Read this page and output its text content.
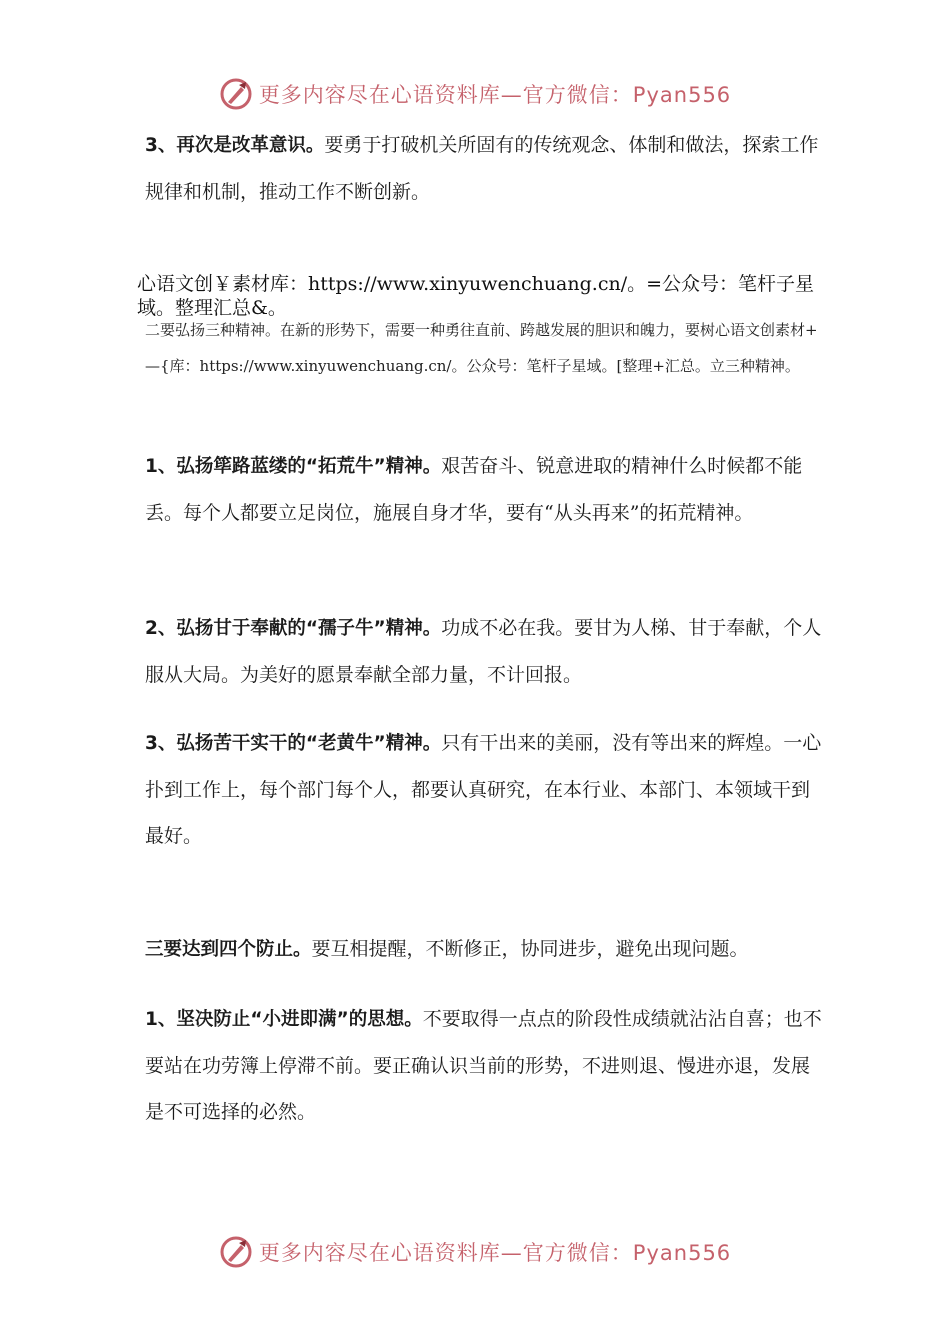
更多内容尽在心语资料库—官方微信：Pyan556

3、再次是改革意识。要勇于打破机关所固有的传统观念、体制和做法，探索工作规律和机制，推动工作不断创新。

心语文创￥素材库：https://www.xinyuwenchuang.cn/。=公众号：笔杆子星域。整理汇总&。

二要弘扬三种精神。在新的形势下，需要一种勇往直前、跨越发展的胆识和魄力，要树心语文创素材+—{库：https://www.xinyuwenchuang.cn/。公众号：笔杆子星域。[整理+汇总。立三种精神。

1、弘扬筚路蓝缕的“拓荒牛”精神。艰苦奋斗、锐意进取的精神什么时候都不能丢。每个人都要立足岗位，施展自身才华，要有“从头再来”的拓荒精神。

2、弘扬甘于奉献的“孺子牛”精神。功成不必在我。要甘为人梯、甘于奉献，个人服从大局。为美好的愿景奉献全部力量，不计回报。

3、弘扬苦干实干的“老黄牛”精神。只有干出来的美丽，没有等出来的辉煌。一心扑到工作上，每个部门每个人，都要认真研究，在本行业、本部门、本领域干到最好。

三要达到四个防止。要互相提醒，不断修正，协同进步，避免出现问题。

1、坚决防止“小进即满”的思想。不要取得一点点的阶段性成绩就沾沾自喜；也不要站在功劳簿上停滞不前。要正确认识当前的形势，不进则退、慢进亦退，发展是不可选择的必然。

更多内容尽在心语资料库—官方微信：Pyan556
